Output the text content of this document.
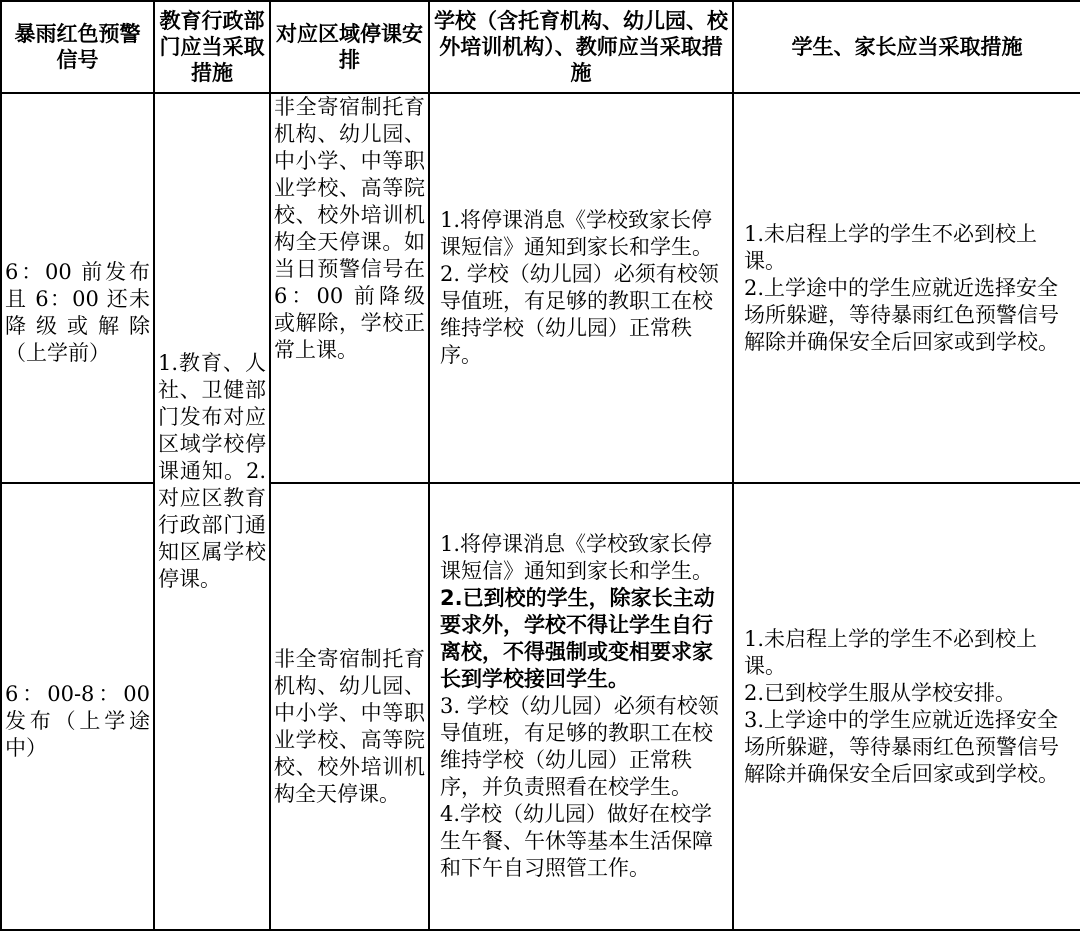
暴雨红色预警信号	教育行政部门应当采取措施	对应区域停课安排	学校（含托育机构、幼儿园、校外培训机构）、教师应当采取措施	学生、家长应当采取措施
6：00 前发布且 6：00 还未降级或解除（上学前）	1.教育、人社、卫健部门发布对应区域学校停课通知。2.对应区教育行政部门通知区属学校停课。	非全寄宿制托育机构、幼儿园、中小学、中等职业学校、高等院校、校外培训机构全天停课。如当日预警信号在 6：00 前降级或解除，学校正常上课。	1.将停课消息《学校致家长停课短信》通知到家长和学生。
2. 学校（幼儿园）必须有校领导值班，有足够的教职工在校维持学校（幼儿园）正常秩序。	1.未启程上学的学生不必到校上课。
2.上学途中的学生应就近选择安全场所躲避，等待暴雨红色预警信号解除并确保安全后回家或到学校。

6：00-8：00 发布（上学途中）		非全寄宿制托育机构、幼儿园、中小学、中等职业学校、高等院校、校外培训机构全天停课。	1.将停课消息《学校致家长停课短信》通知到家长和学生。
2.已到校的学生，除家长主动要求外，学校不得让学生自行离校，不得强制或变相要求家长到学校接回学生。
3. 学校（幼儿园）必须有校领导值班，有足够的教职工在校维持学校（幼儿园）正常秩序，并负责照看在校学生。
4.学校（幼儿园）做好在校学生午餐、午休等基本生活保障和下午自习照管工作。	1.未启程上学的学生不必到校上课。
2.已到校学生服从学校安排。
3.上学途中的学生应就近选择安全场所躲避，等待暴雨红色预警信号解除并确保安全后回家或到学校。
